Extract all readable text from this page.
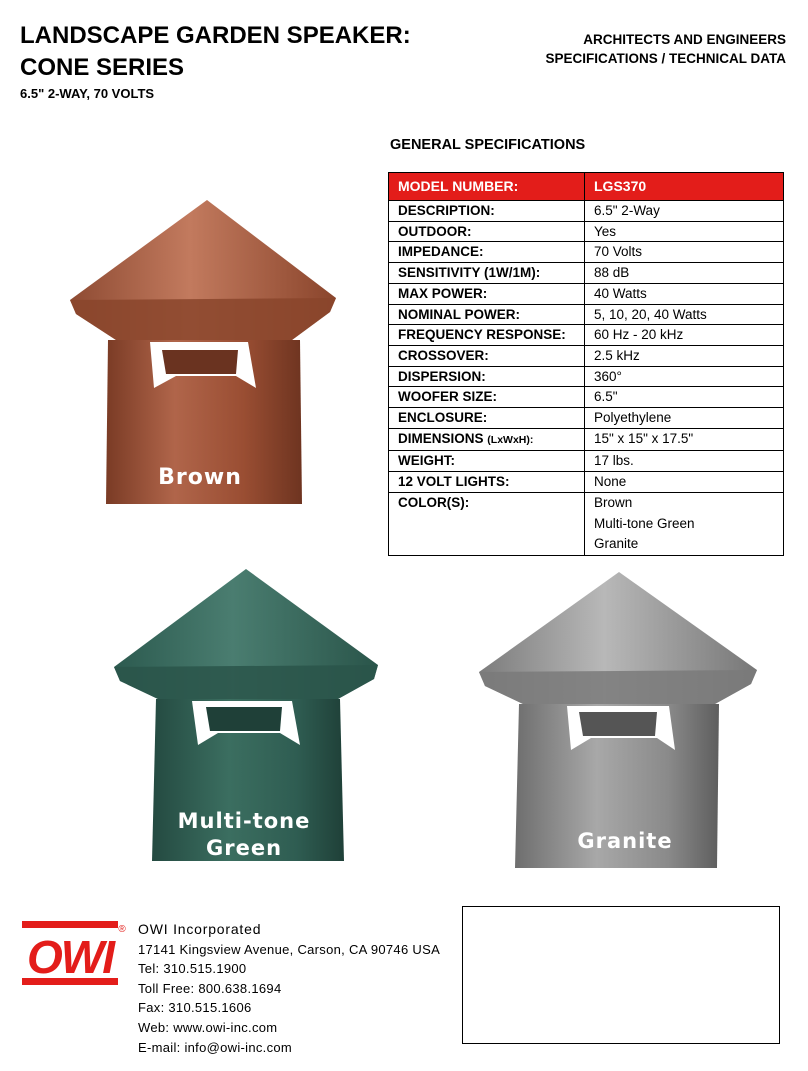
LANDSCAPE GARDEN SPEAKER:
CONE SERIES
6.5" 2-WAY, 70 VOLTS
ARCHITECTS AND ENGINEERS
SPECIFICATIONS / TECHNICAL DATA
GENERAL SPECIFICATIONS
MODEL NUMBER:	LGS370
DESCRIPTION:	6.5" 2-Way
OUTDOOR:	Yes
IMPEDANCE:	70 Volts
SENSITIVITY (1W/1M):	88 dB
MAX POWER:	40 Watts
NOMINAL POWER:	5, 10, 20, 40 Watts
FREQUENCY RESPONSE:	60 Hz - 20 kHz
CROSSOVER:	2.5 kHz
DISPERSION:	360°
WOOFER SIZE:	6.5"
ENCLOSURE:	Polyethylene
DIMENSIONS (LxWxH):	15" x 15" x 17.5"
WEIGHT:	17 lbs.
12 VOLT LIGHTS:	None
COLOR(S):	Brown
Multi-tone Green
Granite
Brown
Multi-tone
Green	Granite
OWI
® OWI Incorporated
17141 Kingsview Avenue, Carson, CA 90746 USA
Tel: 310.515.1900
Toll Free: 800.638.1694
Fax: 310.515.1606
Web: www.owi-inc.com
E-mail: info@owi-inc.com
